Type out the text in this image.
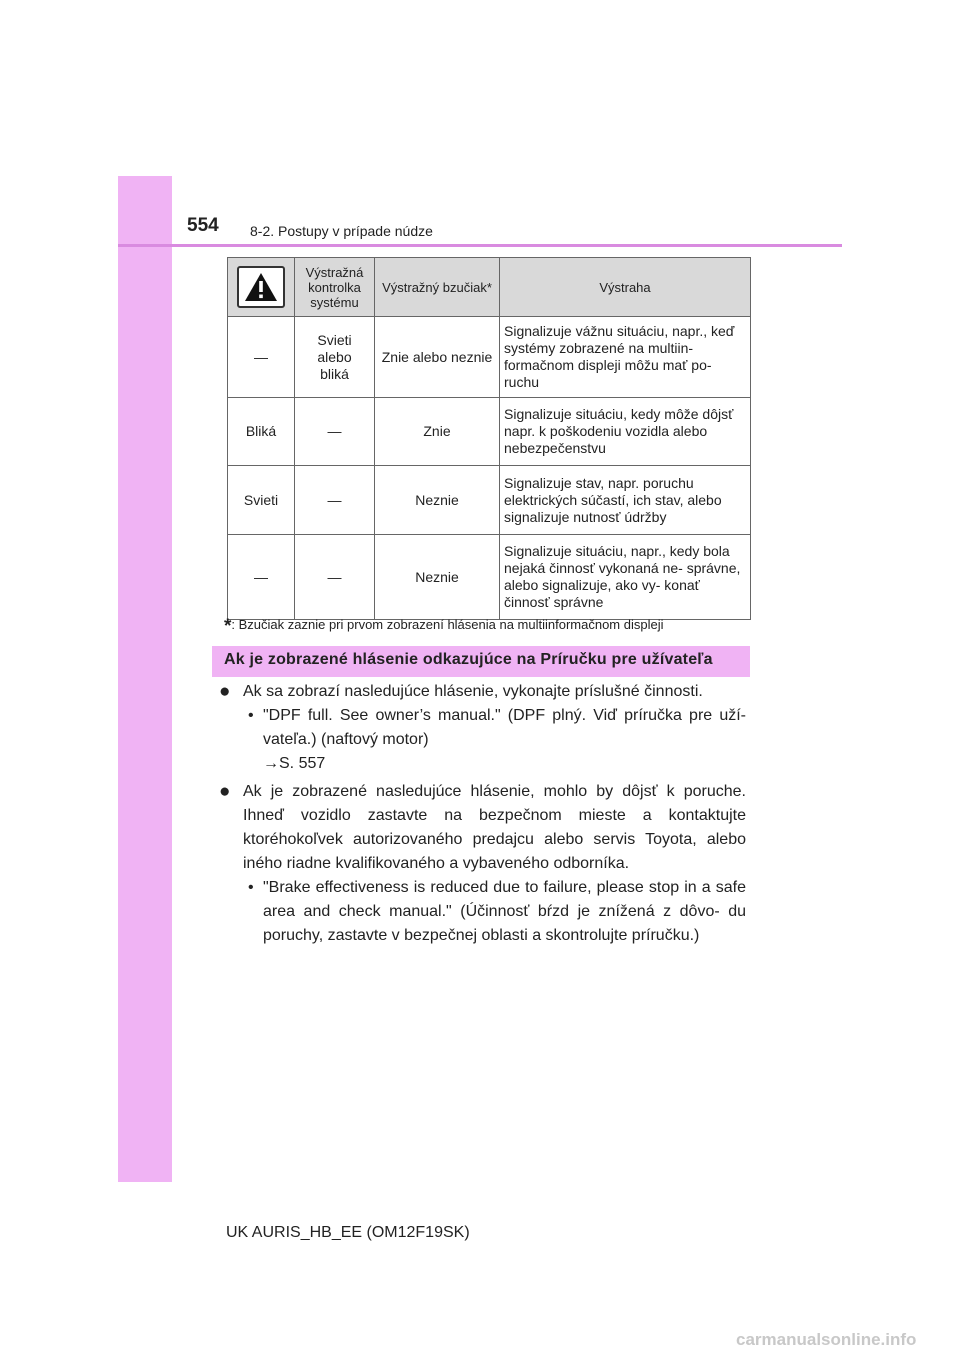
554 8-2. Postupy v prípade núdze
	Výstražná
kontrolka
systému	Výstražný bzučiak*	Výstraha
—	Svieti
alebo
bliká	Znie alebo neznie	Signalizuje vážnu situáciu, napr., keď systémy zobrazené na multiin- formačnom displeji môžu mať po- ruchu
Bliká	—	Znie	Signalizuje situáciu, kedy môže dôjsť napr. k poškodeniu vozidla alebo nebezpečenstvu
Svieti	—	Neznie	Signalizuje stav, napr. poruchu elektrických súčastí, ich stav, alebo signalizuje nutnosť údržby
—	—	Neznie	Signalizuje situáciu, napr., kedy bola nejaká činnosť vykonaná ne- správne, alebo signalizuje, ako vy- konať činnosť správne
*: Bzučiak zaznie pri prvom zobrazení hlásenia na multiinformačnom displeji
Ak je zobrazené hlásenie odkazujúce na Príručku pre užívateľa
● Ak sa zobrazí nasledujúce hlásenie, vykonajte príslušné činnosti.
• "DPF full. See owner’s manual." (DPF plný. Viď príručka pre uží- vateľa.) (naftový motor)
→S. 557
● Ak je zobrazené nasledujúce hlásenie, mohlo by dôjsť k poruche. Ihneď vozidlo zastavte na bezpečnom mieste a kontaktujte ktoréhokoľvek autorizovaného predajcu alebo servis Toyota, alebo iného riadne kvalifikovaného a vybaveného odborníka.
• "Brake effectiveness is reduced due to failure, please stop in a safe area and check manual." (Účinnosť bŕzd je znížená z dôvo- du poruchy, zastavte v bezpečnej oblasti a skontrolujte príručku.)
UK AURIS_HB_EE (OM12F19SK)
carmanualsonline.info
